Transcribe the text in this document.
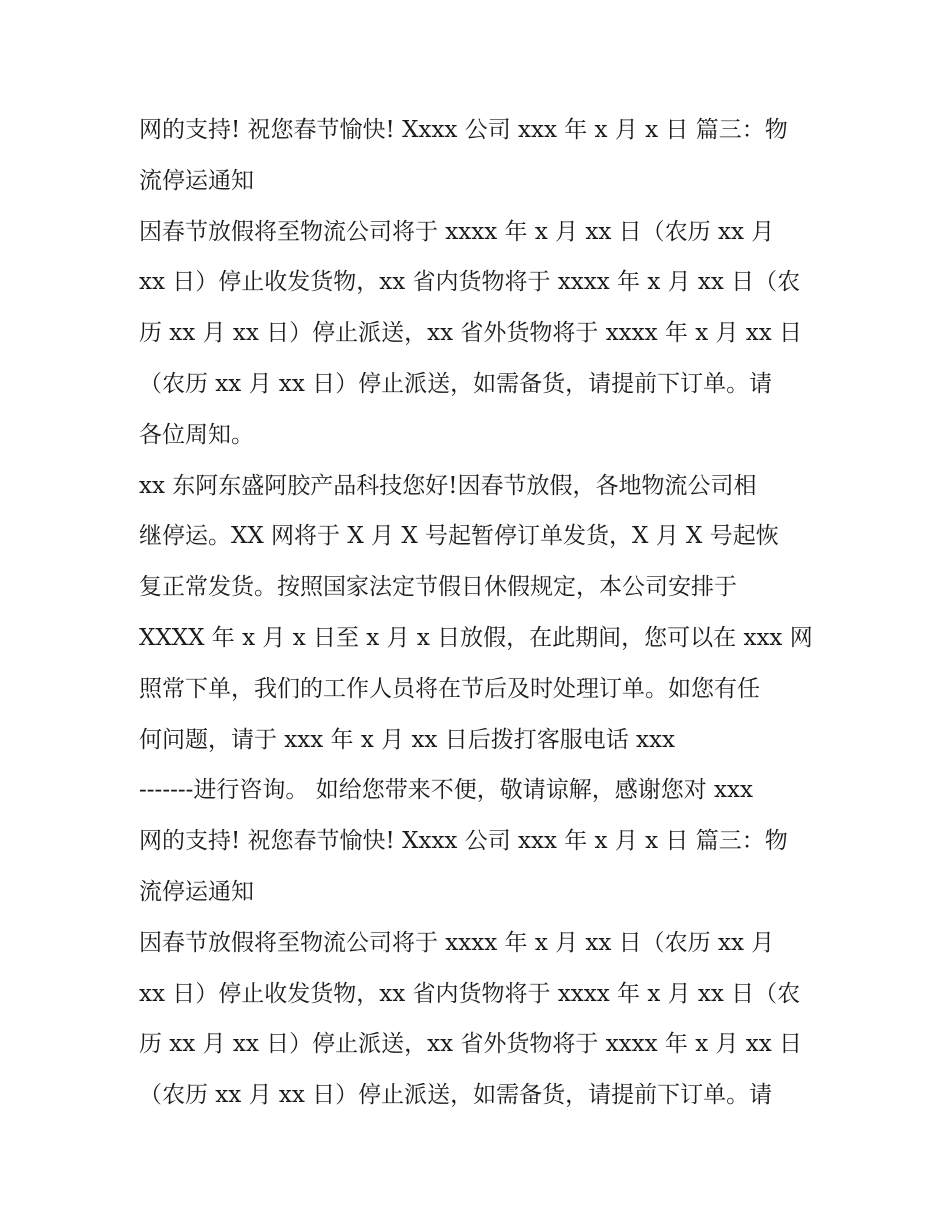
网的支持! 祝您春节愉快! Xxxx 公司 xxx 年 x 月 x 日 篇三：物
流停运通知
因春节放假将至物流公司将于 xxxx 年 x 月 xx 日（农历 xx 月
xx 日）停止收发货物，xx 省内货物将于 xxxx 年 x 月 xx 日（农
历 xx 月 xx 日）停止派送，xx 省外货物将于 xxxx 年 x 月 xx 日
（农历 xx 月 xx 日）停止派送，如需备货，请提前下订单。请
各位周知。
xx 东阿东盛阿胶产品科技您好!因春节放假，各地物流公司相
继停运。XX 网将于 X 月 X 号起暂停订单发货，X 月 X 号起恢
复正常发货。按照国家法定节假日休假规定，本公司安排于
XXXX 年 x 月 x 日至 x 月 x 日放假，在此期间，您可以在 xxx 网
照常下单，我们的工作人员将在节后及时处理订单。如您有任
何问题，请于 xxx 年 x 月 xx 日后拨打客服电话 xxx
-------进行咨询。 如给您带来不便，敬请谅解，感谢您对 xxx
网的支持! 祝您春节愉快! Xxxx 公司 xxx 年 x 月 x 日 篇三：物
流停运通知
因春节放假将至物流公司将于 xxxx 年 x 月 xx 日（农历 xx 月
xx 日）停止收发货物，xx 省内货物将于 xxxx 年 x 月 xx 日（农
历 xx 月 xx 日）停止派送，xx 省外货物将于 xxxx 年 x 月 xx 日
（农历 xx 月 xx 日）停止派送，如需备货，请提前下订单。请
